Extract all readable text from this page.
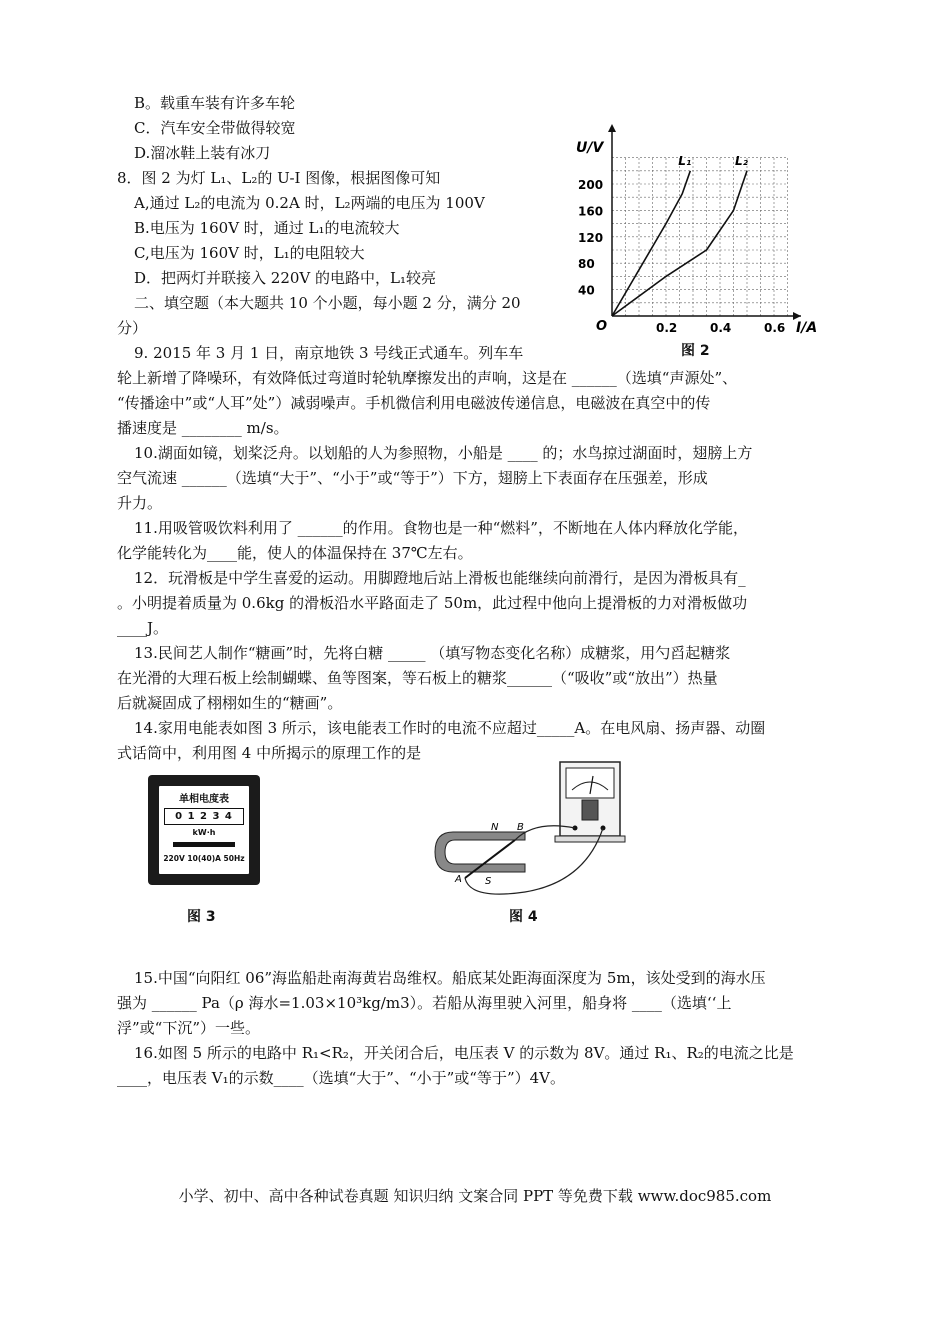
B。载重车装有许多车轮
C．汽车安全带做得较宽
D.溜冰鞋上装有冰刀
8．图 2 为灯 L₁、L₂的 U-I 图像，根据图像可知
A,通过 L₂的电流为 0.2A 时，L₂两端的电压为 100V
B.电压为 160V 时，通过 L₁的电流较大
C,电压为 160V 时，L₁的电阻较大
D．把两灯并联接入 220V 的电路中，L₁较亮
二、填空题（本大题共 10 个小题，每小题 2 分，满分 20
分）
9. 2015 年 3 月 1 日，南京地铁 3 号线正式通车。列车车
轮上新增了降噪环，有效降低过弯道时轮轨摩擦发出的声响，这是在 ______（选填“声源处”、
“传播途中”或“人耳”处”）减弱噪声。手机微信利用电磁波传递信息，电磁波在真空中的传
播速度是 ________ m/s。
10.湖面如镜，划桨泛舟。以划船的人为参照物，小船是 ____ 的；水鸟掠过湖面时，翅膀上方
空气流速 ______（选填“大于”、“小于”或“等于”）下方，翅膀上下表面存在压强差，形成
升力。
11.用吸管吸饮料利用了 ______的作用。食物也是一种“燃料”，不断地在人体内释放化学能，
化学能转化为____能，使人的体温保持在 37℃左右。
12．玩滑板是中学生喜爱的运动。用脚蹬地后站上滑板也能继续向前滑行，是因为滑板具有_
。小明提着质量为 0.6kg 的滑板沿水平路面走了 50m，此过程中他向上提滑板的力对滑板做功
____J。
13.民间艺人制作“糖画”时，先将白糖 _____ （填写物态变化名称）成糖浆，用勺舀起糖浆
在光滑的大理石板上绘制蝴蝶、鱼等图案，等石板上的糖浆______（“吸收”或“放出”）热量
后就凝固成了栩栩如生的“糖画”。
14.家用电能表如图 3 所示，该电能表工作时的电流不应超过_____A。在电风扇、扬声器、动圈
式话筒中，利用图 4 中所揭示的原理工作的是
15.中国“向阳红 06”海监船赴南海黄岩岛维权。船底某处距海面深度为 5m，该处受到的海水压
强为 ______ Pa（ρ 海水=1.03×10³kg/m3）。若船从海里驶入河里，船身将 ____（选填‘‘上
浮”或“下沉”）一些。
16.如图 5 所示的电路中 R₁<R₂，开关闭合后，电压表 V 的示数为 8V。通过 R₁、R₂的电流之比是
____，电压表 V₁的示数____（选填“大于”、“小于”或“等于”）4V。
200
160
120
80
40
0.2	0.4	0.6
L₁	L₂
U/V
I/A
O
图 2
单相电度表
0 1 2 3 4
kW·h
220V 10(40)A 50Hz
图 3
N B
A S
图 4
小学、初中、高中各种试卷真题 知识归纳 文案合同 PPT 等免费下载 www.doc985.com
